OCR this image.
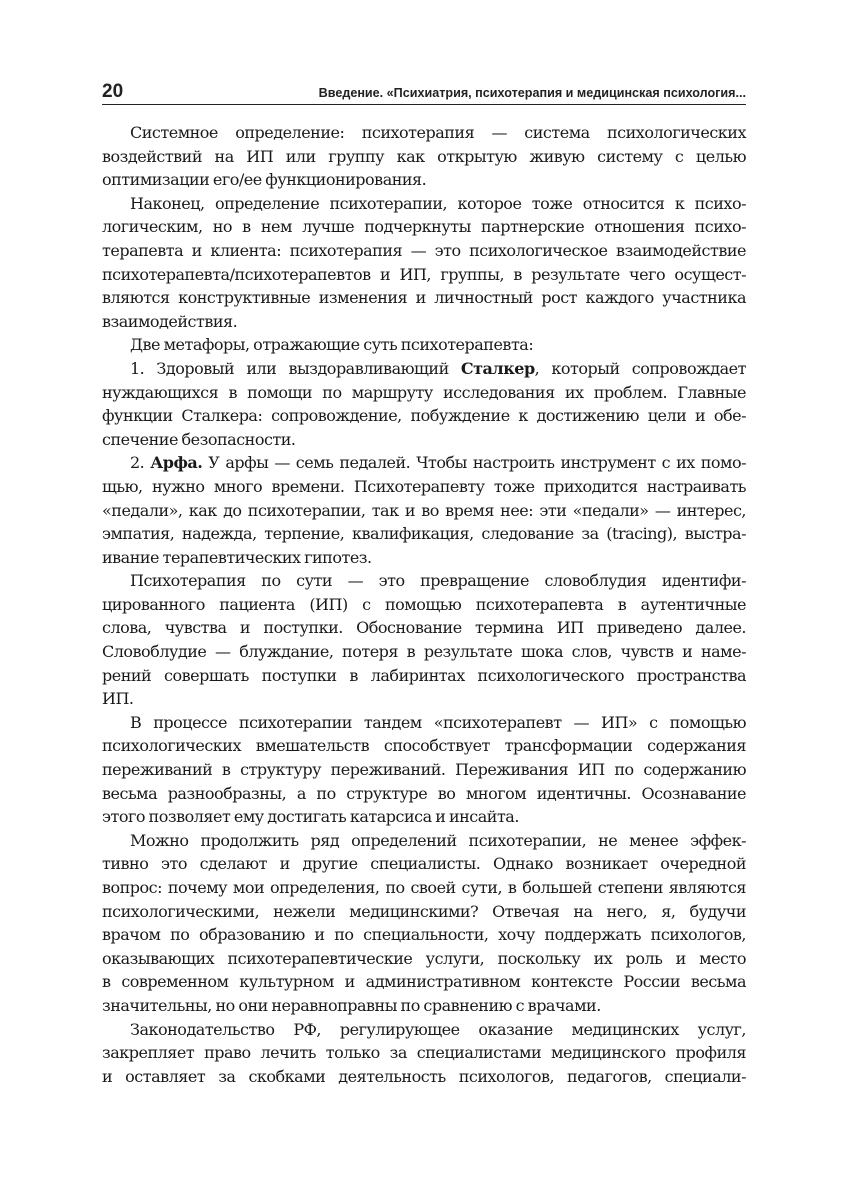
20	Введение. «Психиатрия, психотерапия и медицинская психология...
Системное определение: психотерапия — система психологических
воздействий на ИП или группу как открытую живую систему с целью
оптимизации его/ее функционирования.
Наконец, определение психотерапии, которое тоже относится к психо-
логическим, но в нем лучше подчеркнуты партнерские отношения психо-
терапевта и клиента: психотерапия — это психологическое взаимодействие
психотерапевта/психотерапевтов и ИП, группы, в результате чего осущест-
вляются конструктивные изменения и личностный рост каждого участника
взаимодействия.
Две метафоры, отражающие суть психотерапевта:
1. Здоровый или выздоравливающий Сталкер, который сопровождает
нуждающихся в помощи по маршруту исследования их проблем. Главные
функции Сталкера: сопровождение, побуждение к достижению цели и обе-
спечение безопасности.
2. Арфа. У арфы — семь педалей. Чтобы настроить инструмент с их помо-
щью, нужно много времени. Психотерапевту тоже приходится настраивать
«педали», как до психотерапии, так и во время нее: эти «педали» — интерес,
эмпатия, надежда, терпение, квалификация, следование за (tracing), выстра-
ивание терапевтических гипотез.
Психотерапия по сути — это превращение словоблудия идентифи-
цированного пациента (ИП) с помощью психотерапевта в аутентичные
слова, чувства и поступки. Обоснование термина ИП приведено далее.
Словоблудие — блуждание, потеря в результате шока слов, чувств и наме-
рений совершать поступки в лабиринтах психологического пространства
ИП.
В процессе психотерапии тандем «психотерапевт — ИП» с помощью
психологических вмешательств способствует трансформации содержания
переживаний в структуру переживаний. Переживания ИП по содержанию
весьма разнообразны, а по структуре во многом идентичны. Осознавание
этого позволяет ему достигать катарсиса и инсайта.
Можно продолжить ряд определений психотерапии, не менее эффек-
тивно это сделают и другие специалисты. Однако возникает очередной
вопрос: почему мои определения, по своей сути, в большей степени являются
психологическими, нежели медицинскими? Отвечая на него, я, будучи
врачом по образованию и по специальности, хочу поддержать психологов,
оказывающих психотерапевтические услуги, поскольку их роль и место
в современном культурном и административном контексте России весьма
значительны, но они неравноправны по сравнению с врачами.
Законодательство РФ, регулирующее оказание медицинских услуг,
закрепляет право лечить только за специалистами медицинского профиля
и оставляет за скобками деятельность психологов, педагогов, специали-
